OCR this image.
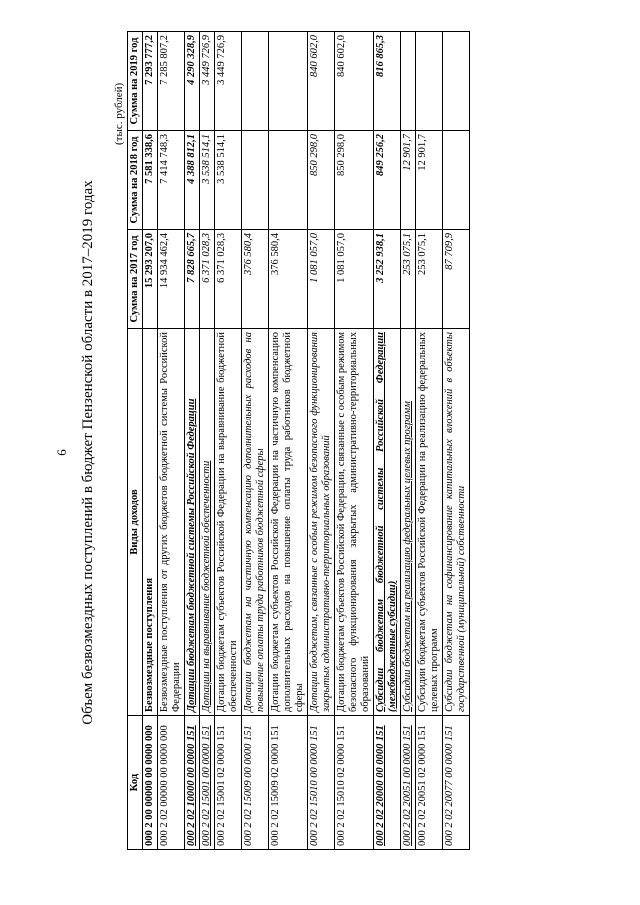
6 Объем безвозмездных поступлений в бюджет Пензенской области в 2017–2019 годах
(тыс. рублей)
Код	Виды доходов	Сумма на 2017 год	Сумма на 2018 год	Сумма на 2019 год
000 2 00 00000 00 0000 000	Безвозмездные поступления	15 293 207,0	7 581 338,6	7 293 777,2
000 2 02 00000 00 0000 000	Безвозмездные поступления от других бюджетов бюджетной системы Российской Федерации	14 934 462,4	7 414 748,3	7 285 807,2
000 2 02 10000 00 0000 151	Дотации бюджетам бюджетной системы Российской Федерации	7 828 665,7	4 388 812,1	4 290 328,9
000 2 02 15001 00 0000 151	Дотации на выравнивание бюджетной обеспеченности	6 371 028,3	3 538 514,1	3 449 726,9
000 2 02 15001 02 0000 151	Дотации бюджетам субъектов Российской Федерации на выравнивание бюджетной обеспеченности	6 371 028,3	3 538 514,1	3 449 726,9
000 2 02 15009 00 0000 151	Дотации бюджетам на частичную компенсацию дополнительных расходов на повышение оплаты труда работников бюджетной сферы	376 580,4		
000 2 02 15009 02 0000 151	Дотации бюджетам субъектов Российской Федерации на частичную компенсацию дополнительных расходов на повышение оплаты труда работников бюджетной сферы	376 580,4		
000 2 02 15010 00 0000 151	Дотации бюджетам, связанные с особым режимом безопасного функционирования закрытых административно-территориальных образований	1 081 057,0	850 298,0	840 602,0
000 2 02 15010 02 0000 151	Дотации бюджетам субъектов Российской Федерации, связанные с особым режимом безопасного функционирования закрытых административно-территориальных образований	1 081 057,0	850 298,0	840 602,0
000 2 02 20000 00 0000 151	Субсидии бюджетам бюджетной системы Российской Федерации (межбюджетные субсидии)	3 252 938,1	849 256,2	816 865,3
000 2 02 20051 00 0000 151	Субсидии бюджетам на реализацию федеральных целевых программ	253 075,1	12 901,7	
000 2 02 20051 02 0000 151	Субсидии бюджетам субъектов Российской Федерации на реализацию федеральных целевых программ	253 075,1	12 901,7	
000 2 02 20077 00 0000 151	Субсидии бюджетам на софинансирование капитальных вложений в объекты государственной (муниципальной) собственности	87 709,9		
